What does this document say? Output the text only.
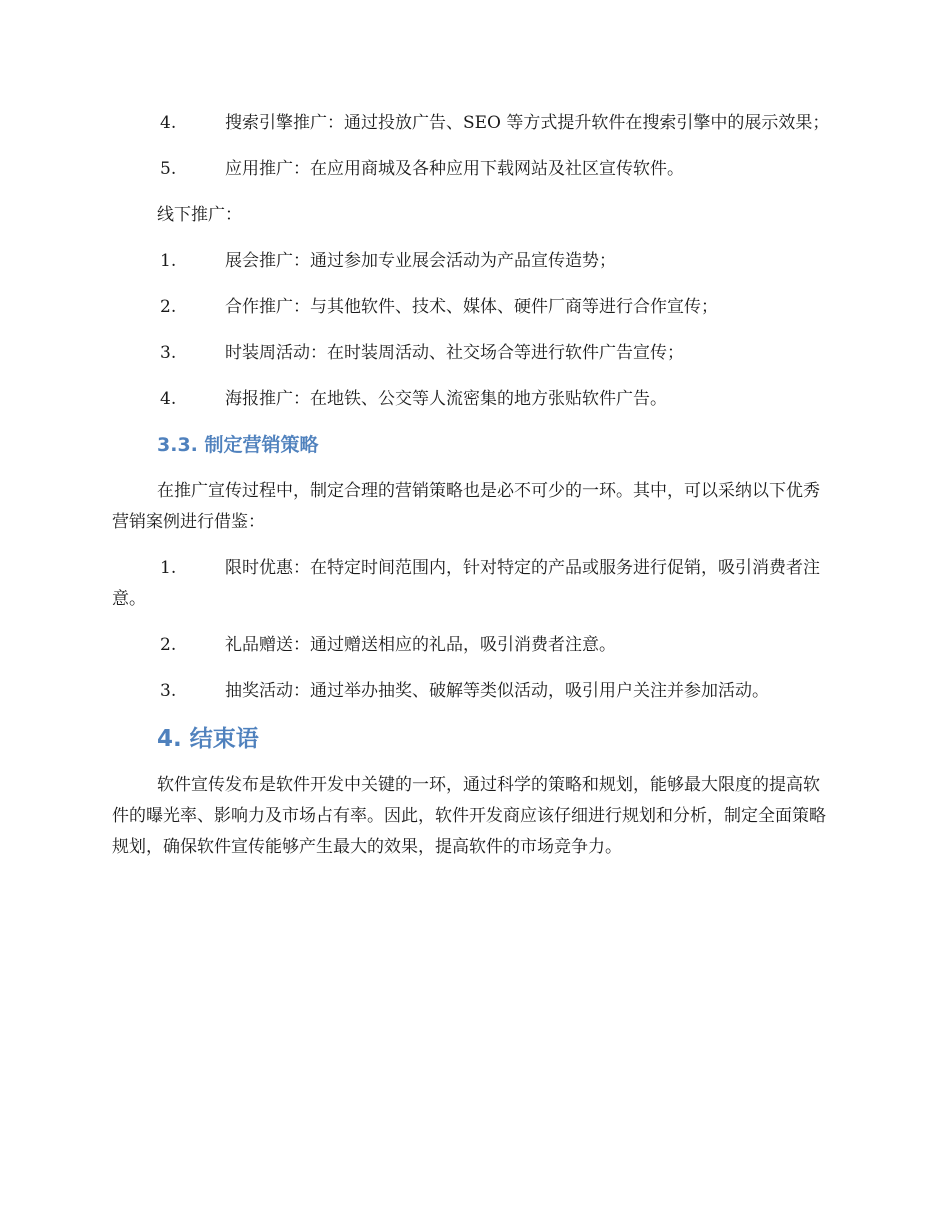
4.	搜索引擎推广：通过投放广告、SEO 等方式提升软件在搜索引擎中的展示效果；
5.	应用推广：在应用商城及各种应用下载网站及社区宣传软件。
线下推广：
1.	展会推广：通过参加专业展会活动为产品宣传造势；
2.	合作推广：与其他软件、技术、媒体、硬件厂商等进行合作宣传；
3.	时装周活动：在时装周活动、社交场合等进行软件广告宣传；
4.	海报推广：在地铁、公交等人流密集的地方张贴软件广告。
3.3. 制定营销策略
在推广宣传过程中，制定合理的营销策略也是必不可少的一环。其中，可以采纳以下优秀营销案例进行借鉴：
1.	限时优惠：在特定时间范围内，针对特定的产品或服务进行促销，吸引消费者注意。
2.	礼品赠送：通过赠送相应的礼品，吸引消费者注意。
3.	抽奖活动：通过举办抽奖、破解等类似活动，吸引用户关注并参加活动。
4. 结束语
软件宣传发布是软件开发中关键的一环，通过科学的策略和规划，能够最大限度的提高软件的曝光率、影响力及市场占有率。因此，软件开发商应该仔细进行规划和分析，制定全面策略规划，确保软件宣传能够产生最大的效果，提高软件的市场竞争力。
